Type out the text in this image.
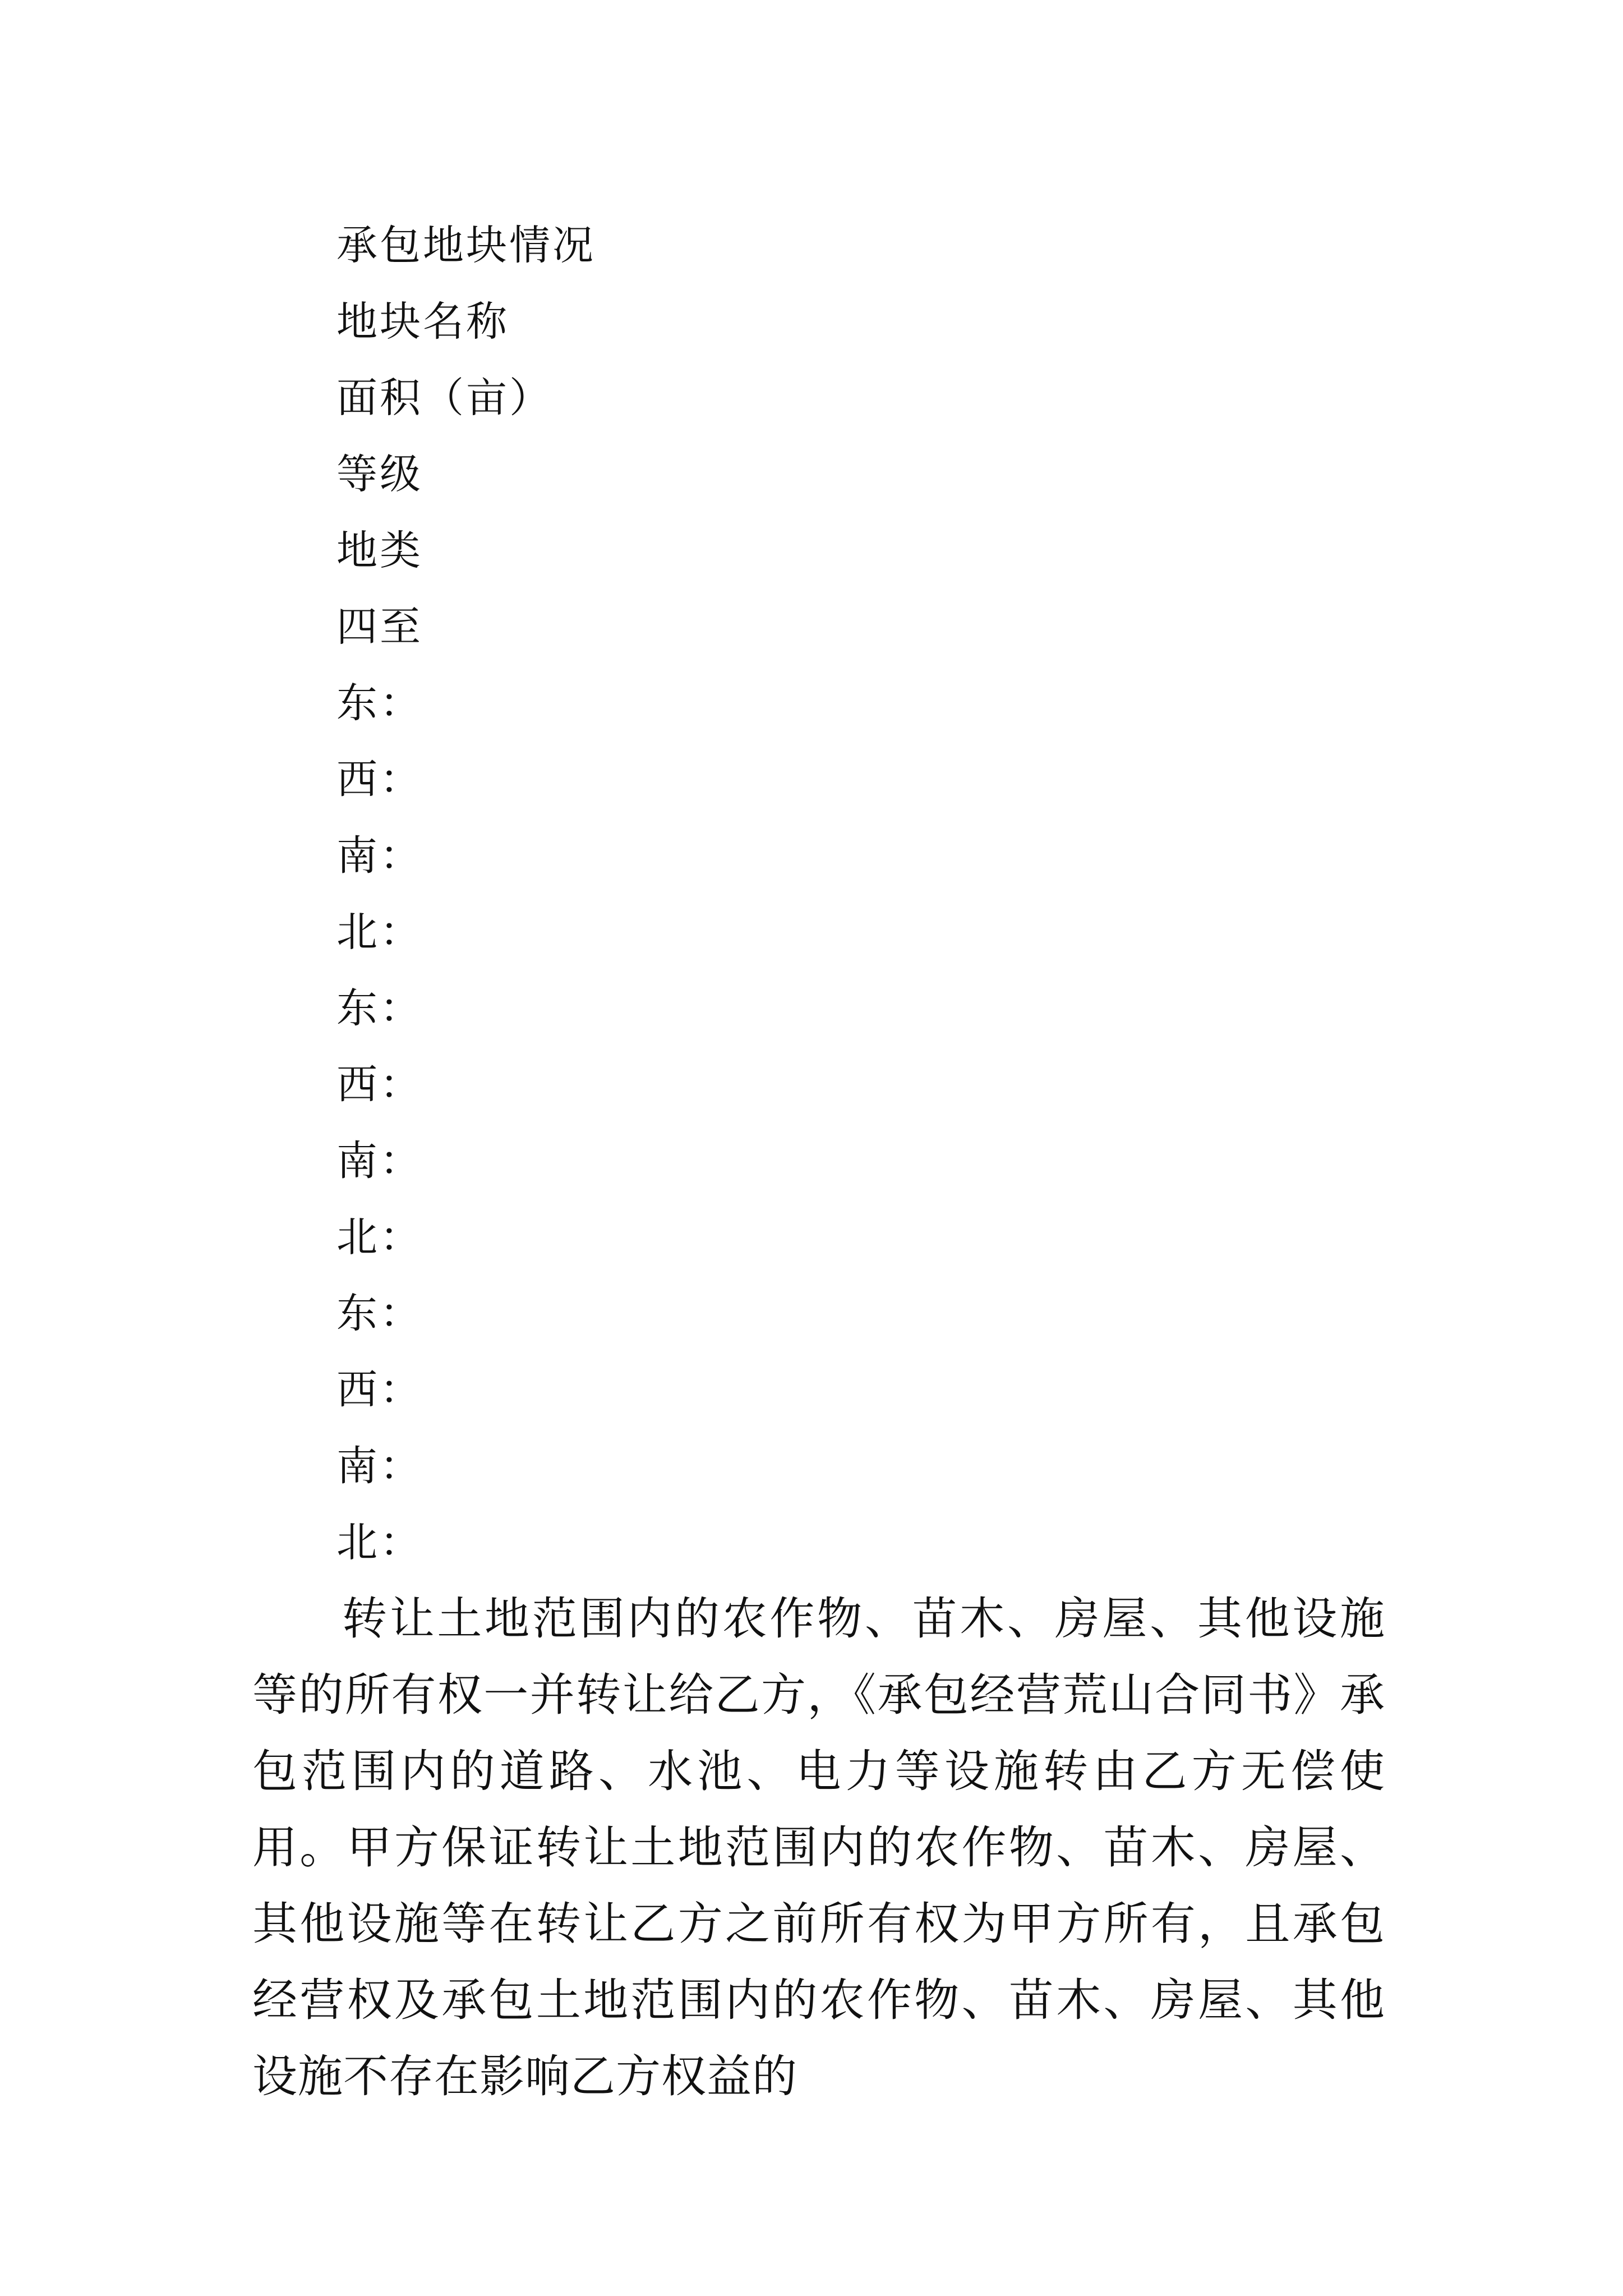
承包地块情况
地块名称
面积（亩）
等级
地类
四至
东：
西：
南：
北：
东：
西：
南：
北：
东：
西：
南：
北：

转让土地范围内的农作物、苗木、房屋、其他设施等的所有权一并转让给乙方，《承包经营荒山合同书》承包范围内的道路、水池、电力等设施转由乙方无偿使用。甲方保证转让土地范围内的农作物、苗木、房屋、其他设施等在转让乙方之前所有权为甲方所有，且承包经营权及承包土地范围内的农作物、苗木、房屋、其他设施不存在影响乙方权益的
